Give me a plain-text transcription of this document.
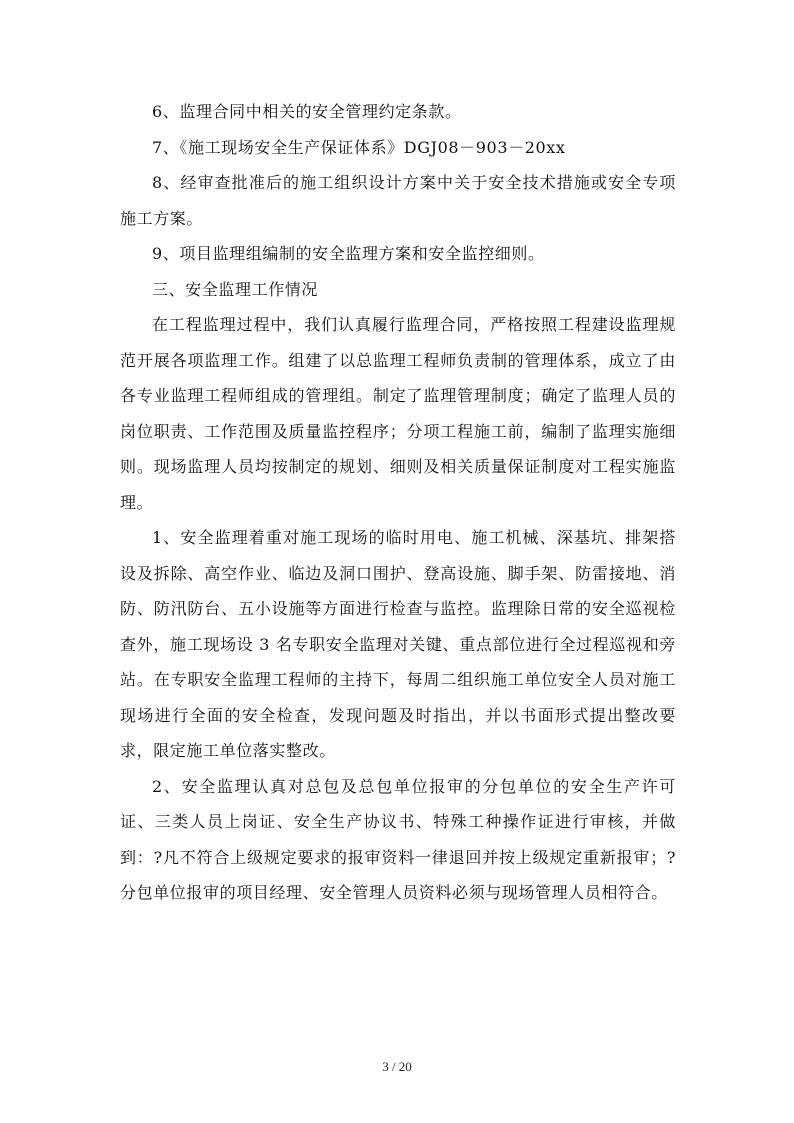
6、监理合同中相关的安全管理约定条款。

7、《施工现场安全生产保证体系》DGJ08－903－20xx

8、经审查批准后的施工组织设计方案中关于安全技术措施或安全专项施工方案。

9、项目监理组编制的安全监理方案和安全监控细则。

三、安全监理工作情况

在工程监理过程中，我们认真履行监理合同，严格按照工程建设监理规范开展各项监理工作。组建了以总监理工程师负责制的管理体系，成立了由各专业监理工程师组成的管理组。制定了监理管理制度；确定了监理人员的岗位职责、工作范围及质量监控程序；分项工程施工前，编制了监理实施细则。现场监理人员均按制定的规划、细则及相关质量保证制度对工程实施监理。

1、安全监理着重对施工现场的临时用电、施工机械、深基坑、排架搭设及拆除、高空作业、临边及洞口围护、登高设施、脚手架、防雷接地、消防、防汛防台、五小设施等方面进行检查与监控。监理除日常的安全巡视检查外，施工现场设 3 名专职安全监理对关键、重点部位进行全过程巡视和旁站。在专职安全监理工程师的主持下，每周二组织施工单位安全人员对施工现场进行全面的安全检查，发现问题及时指出，并以书面形式提出整改要求，限定施工单位落实整改。

2、安全监理认真对总包及总包单位报审的分包单位的安全生产许可证、三类人员上岗证、安全生产协议书、特殊工种操作证进行审核，并做到：?凡不符合上级规定要求的报审资料一律退回并按上级规定重新报审；?分包单位报审的项目经理、安全管理人员资料必须与现场管理人员相符合。

3 / 20
